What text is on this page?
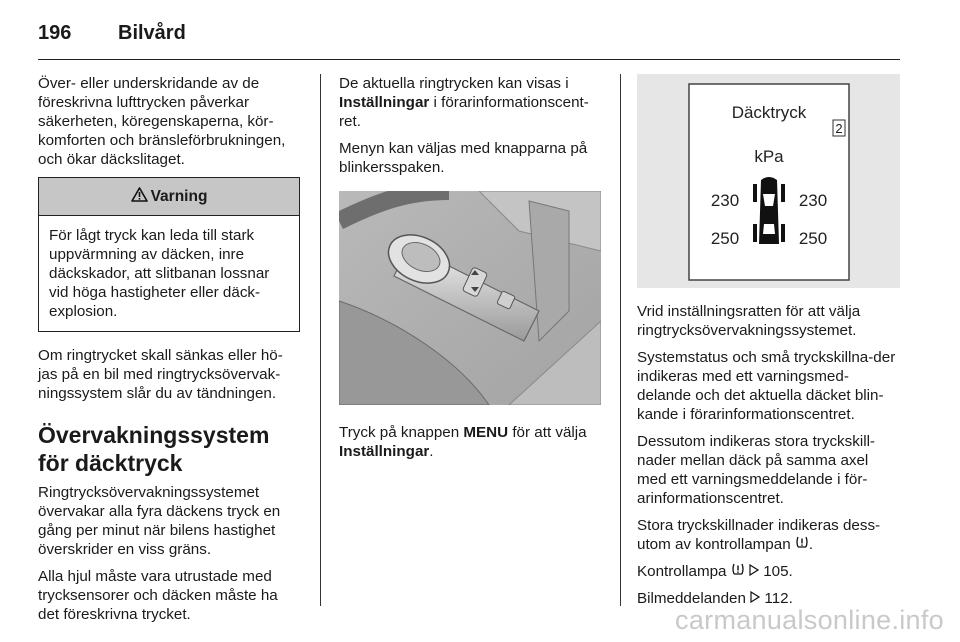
196 Bilvård

Över- eller underskridande av de föreskrivna lufttrycken påverkar säkerheten, köregenskaperna, kör-komforten och bränsleförbrukningen, och ökar däckslitaget.

Varning
För lågt tryck kan leda till stark uppvärmning av däcken, inre däckskador, att slitbanan lossnar vid höga hastigheter eller däck-explosion.

Om ringtrycket skall sänkas eller hö-jas på en bil med ringtrycksövervak-ningssystem slår du av tändningen.

Övervakningssystem för däcktryck

Ringtrycksövervakningssystemet övervakar alla fyra däckens tryck en gång per minut när bilens hastighet överskrider en viss gräns.

Alla hjul måste vara utrustade med trycksensorer och däcken måste ha det föreskrivna trycket.

De aktuella ringtrycken kan visas i Inställningar i förarinformationscent-ret.

Menyn kan väljas med knapparna på blinkersspaken.

Tryck på knappen MENU för att välja Inställningar.

Däcktryck
2
kPa
230	230
250	250

Vrid inställningsratten för att välja ringtrycksövervakningssystemet.

Systemstatus och små tryckskillna-der indikeras med ett varningsmed-delande och det aktuella däcket blin-kande i förarinformationscentret.

Dessutom indikeras stora tryckskill-nader mellan däck på samma axel med ett varningsmeddelande i för-arinformationscentret.

Stora tryckskillnader indikeras dess-utom av kontrollampan .

Kontrollampa 105.

Bilmeddelanden 112.

carmanualsonline.info
